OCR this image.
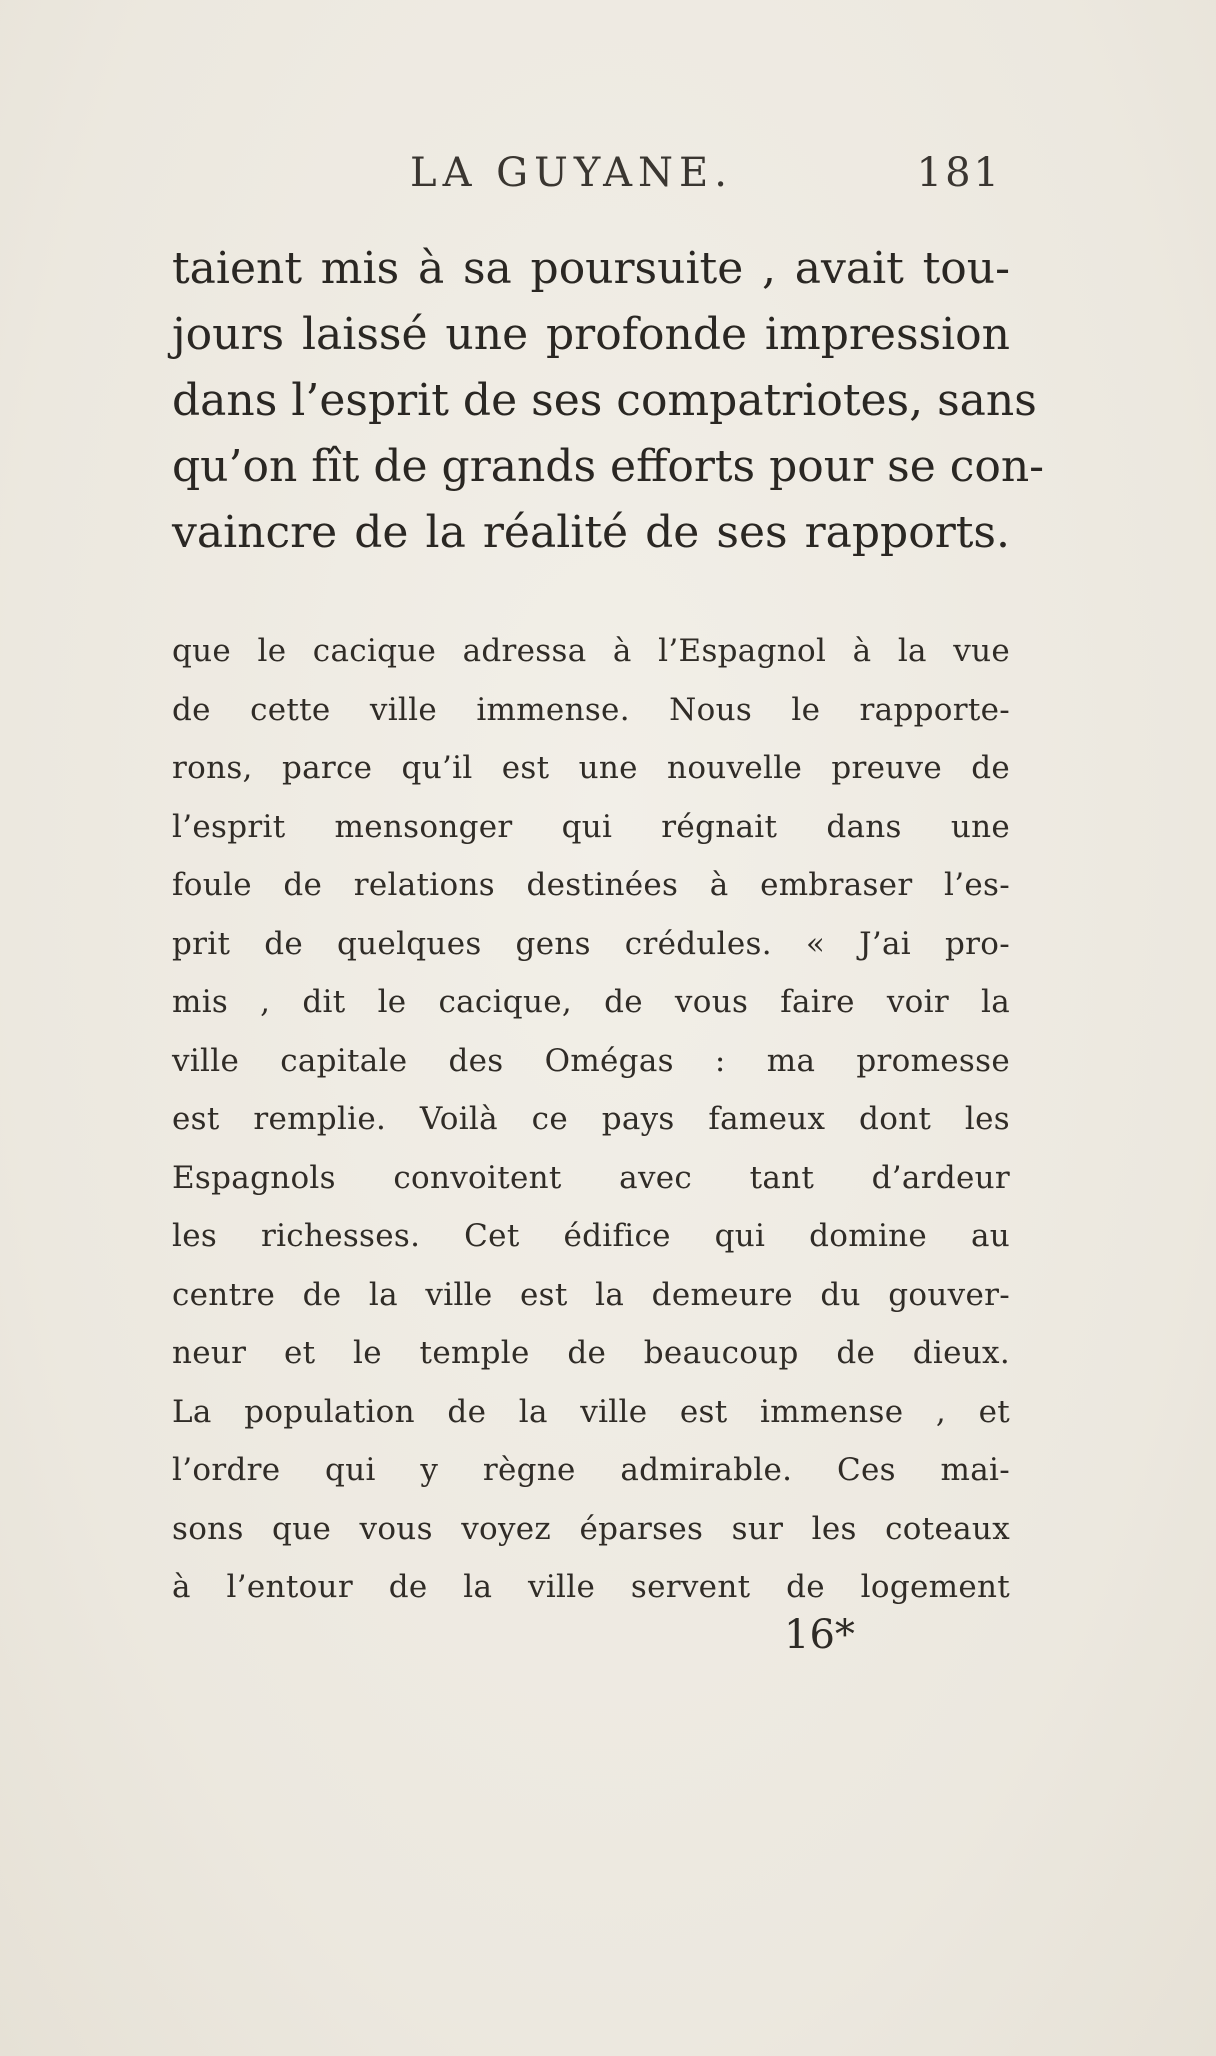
LA GUYANE.	181
taient mis à sa poursuite , avait tou-
jours laissé une profonde impression
dans l’esprit de ses compatriotes, sans
qu’on fît de grands efforts pour se con-
vaincre de la réalité de ses rapports.
que le cacique adressa à l’Espagnol à la vue
de cette ville immense. Nous le rapporte-
rons, parce qu’il est une nouvelle preuve de
l’esprit mensonger qui régnait dans une
foule de relations destinées à embraser l’es-
prit de quelques gens crédules. « J’ai pro-
mis , dit le cacique, de vous faire voir la
ville capitale des Omégas : ma promesse
est remplie. Voilà ce pays fameux dont les
Espagnols convoitent avec tant d’ardeur
les richesses. Cet édifice qui domine au
centre de la ville est la demeure du gouver-
neur et le temple de beaucoup de dieux.
La population de la ville est immense , et
l’ordre qui y règne admirable. Ces mai-
sons que vous voyez éparses sur les coteaux
à l’entour de la ville servent de logement
16*
